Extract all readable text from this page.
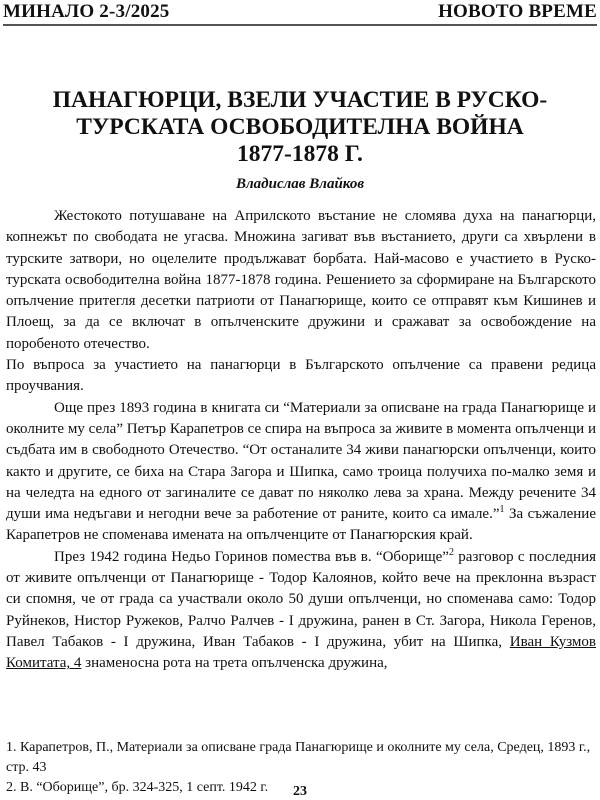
МИНАЛО 2-3/2025	НОВОТО ВРЕМЕ
ПАНАГЮРЦИ, ВЗЕЛИ УЧАСТИЕ В РУСКО-
ТУРСКАТА ОСВОБОДИТЕЛНА ВОЙНА
1877-1878 Г.
Владислав Влайков

Жестокото потушаване на Априлското въстание не сломява духа на панагюрци, копнежът по свободата не угасва. Множина загиват във въстанието, други са хвърлени в турските затвори, но оцелелите продължават борбата. Най-масово е участието в Руско-турската освободителна война 1877-1878 година. Решението за сформиране на Българското опълчение притегля десетки патриоти от Панагюрище, които се отправят към Кишинев и Плоещ, за да се включат в опълченските дружини и сражават за освобождение на поробеното отечество.

По въпроса за участието на панагюрци в Българското опълчение са правени редица проучвания.

Още през 1893 година в книгата си “Материали за описване на града Панагюрище и околните му села” Петър Карапетров се спира на въпроса за живите в момента опълченци и съдбата им в свободното Отечество. “От останалите 34 живи панагюрски опълченци, които както и другите, се биха на Стара Загора и Шипка, само троица получиха по-малко земя и на челедта на едного от загиналите се дават по няколко лева за храна. Между речените 34 души има недъгави и негодни вече за работение от раните, които са имале.”$^1$ За съжаление Карапетров не споменава имената на опълченците от Панагюрския край.

През 1942 година Недьо Горинов помества във в. “Оборище”$^2$ разговор с последния от живите опълченци от Панагюрище - Тодор Калоянов, който вече на преклонна възраст си спомня, че от града са участвали около 50 души опълченци, но споменава само: Тодор Руйнеков, Нистор Ружеков, Ралчо Ралчев - I дружина, ранен в Ст. Загора, Никола Геренов, Павел Табаков - I дружина, Иван Табаков - I дружина, убит на Шипка, Иван Кузмов Комитата, 4 знаменосна рота на трета опълченска дружина,

1. Карапетров, П., Материали за описване града Панагюрище и околните му села, Средец, 1893 г., стр. 43

2. В. “Оборище”, бр. 324-325, 1 септ. 1942 г.	23
